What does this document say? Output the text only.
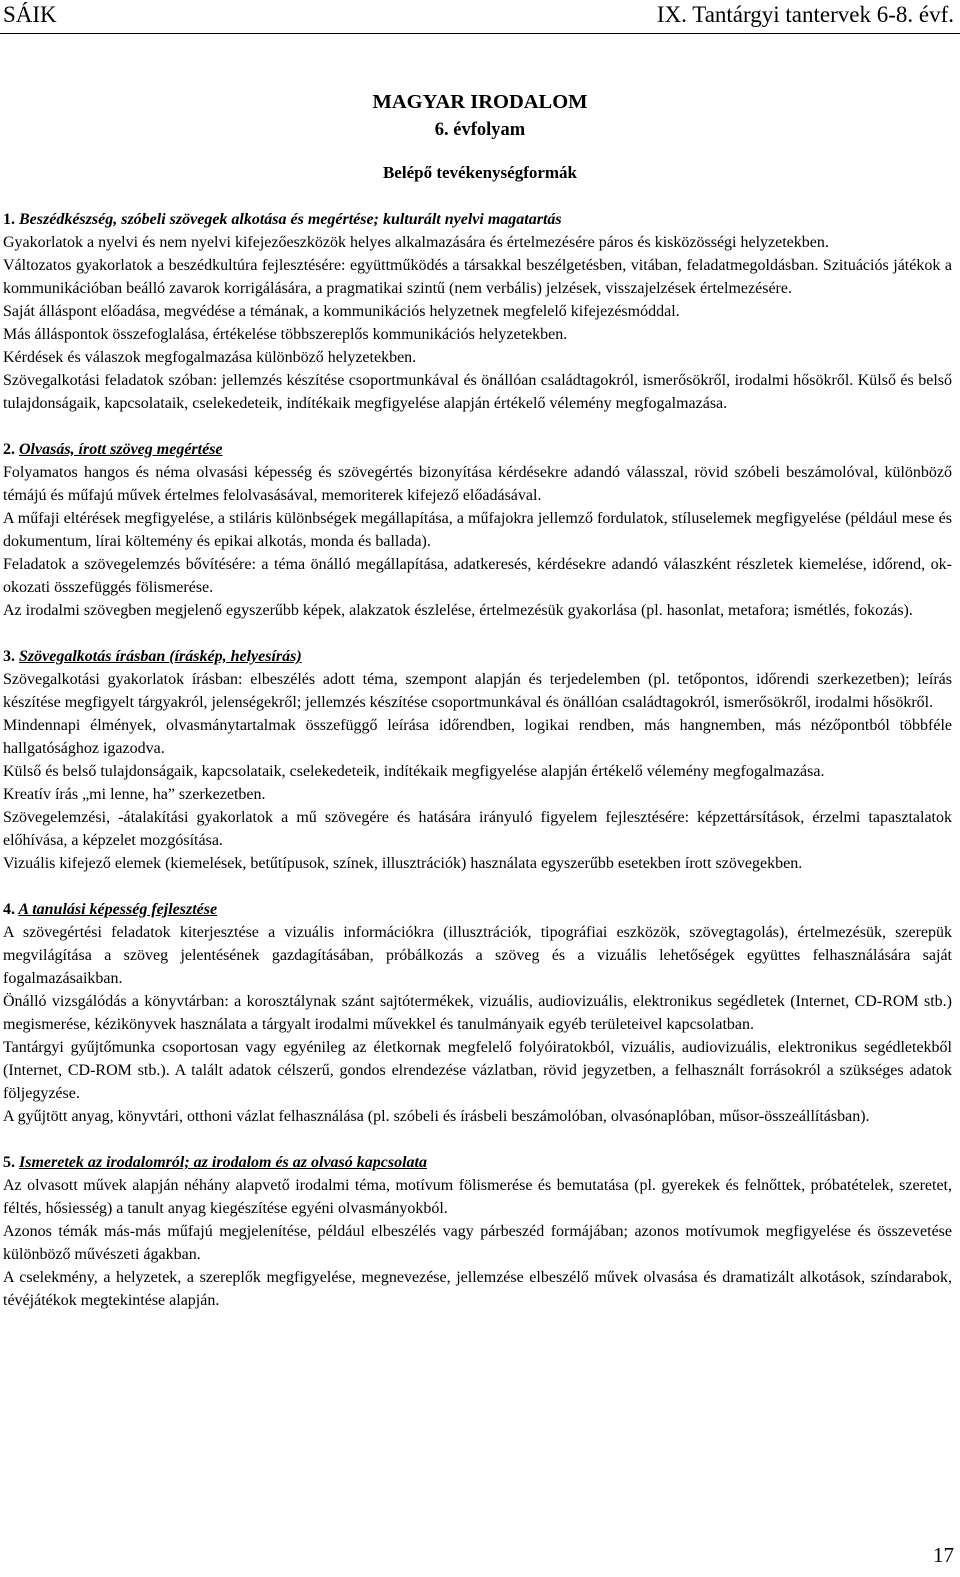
SÁIK	IX. Tantárgyi tantervek 6-8. évf.
MAGYAR IRODALOM
6. évfolyam
Belépő tevékenységformák
1. Beszédkészség, szóbeli szövegek alkotása és megértése; kulturált nyelvi magatartás

Gyakorlatok a nyelvi és nem nyelvi kifejezőeszközök helyes alkalmazására és értelmezésére páros és kisközösségi helyzetekben.

Változatos gyakorlatok a beszédkultúra fejlesztésére: együttműködés a társakkal beszélgetésben, vitában, feladatmegoldásban. Szituációs játékok a kommunikációban beálló zavarok korrigálására, a pragmatikai szintű (nem verbális) jelzések, visszajelzések értelmezésére.

Saját álláspont előadása, megvédése a témának, a kommunikációs helyzetnek megfelelő kifejezésmóddal.

Más álláspontok összefoglalása, értékelése többszereplős kommunikációs helyzetekben.

Kérdések és válaszok megfogalmazása különböző helyzetekben.

Szövegalkotási feladatok szóban: jellemzés készítése csoportmunkával és önállóan családtagokról, ismerősökről, irodalmi hősökről. Külső és belső tulajdonságaik, kapcsolataik, cselekedeteik, indítékaik megfigyelése alapján értékelő vélemény megfogalmazása.

2. Olvasás, írott szöveg megértése

Folyamatos hangos és néma olvasási képesség és szövegértés bizonyítása kérdésekre adandó válasszal, rövid szóbeli beszámolóval, különböző témájú és műfajú művek értelmes felolvasásával, memoriterek kifejező előadásával.

A műfaji eltérések megfigyelése, a stiláris különbségek megállapítása, a műfajokra jellemző fordulatok, stíluselemek megfigyelése (például mese és dokumentum, lírai költemény és epikai alkotás, monda és ballada).

Feladatok a szövegelemzés bővítésére: a téma önálló megállapítása, adatkeresés, kérdésekre adandó válaszként részletek kiemelése, időrend, ok-okozati összefüggés fölismerése.

Az irodalmi szövegben megjelenő egyszerűbb képek, alakzatok észlelése, értelmezésük gyakorlása (pl. hasonlat, metafora; ismétlés, fokozás).

3. Szövegalkotás írásban (íráskép, helyesírás)

Szövegalkotási gyakorlatok írásban: elbeszélés adott téma, szempont alapján és terjedelemben (pl. tetőpontos, időrendi szerkezetben); leírás készítése megfigyelt tárgyakról, jelenségekről; jellemzés készítése csoportmunkával és önállóan családtagokról, ismerősökről, irodalmi hősökről.

Mindennapi élmények, olvasmánytartalmak összefüggő leírása időrendben, logikai rendben, más hangnemben, más nézőpontból többféle hallgatósághoz igazodva.

Külső és belső tulajdonságaik, kapcsolataik, cselekedeteik, indítékaik megfigyelése alapján értékelő vélemény megfogalmazása.

Kreatív írás „mi lenne, ha” szerkezetben.

Szövegelemzési, -átalakítási gyakorlatok a mű szövegére és hatására irányuló figyelem fejlesztésére: képzettársítások, érzelmi tapasztalatok előhívása, a képzelet mozgósítása.

Vizuális kifejező elemek (kiemelések, betűtípusok, színek, illusztrációk) használata egyszerűbb esetekben írott szövegekben.

4. A tanulási képesség fejlesztése

A szövegértési feladatok kiterjesztése a vizuális információkra (illusztrációk, tipográfiai eszközök, szövegtagolás), értelmezésük, szerepük megvilágítása a szöveg jelentésének gazdagításában, próbálkozás a szöveg és a vizuális lehetőségek együttes felhasználására saját fogalmazásaikban.

Önálló vizsgálódás a könyvtárban: a korosztálynak szánt sajtótermékek, vizuális, audiovizuális, elektronikus segédletek (Internet, CD-ROM stb.) megismerése, kézikönyvek használata a tárgyalt irodalmi művekkel és tanulmányaik egyéb területeivel kapcsolatban.

Tantárgyi gyűjtőmunka csoportosan vagy egyénileg az életkornak megfelelő folyóiratokból, vizuális, audiovizuális, elektronikus segédletekből (Internet, CD-ROM stb.). A talált adatok célszerű, gondos elrendezése vázlatban, rövid jegyzetben, a felhasznált forrásokról a szükséges adatok följegyzése.

A gyűjtött anyag, könyvtári, otthoni vázlat felhasználása (pl. szóbeli és írásbeli beszámolóban, olvasónaplóban, műsor-összeállításban).

5. Ismeretek az irodalomról; az irodalom és az olvasó kapcsolata

Az olvasott művek alapján néhány alapvető irodalmi téma, motívum fölismerése és bemutatása (pl. gyerekek és felnőttek, próbatételek, szeretet, féltés, hősiesség) a tanult anyag kiegészítése egyéni olvasmányokból.

Azonos témák más-más műfajú megjelenítése, például elbeszélés vagy párbeszéd formájában; azonos motívumok megfigyelése és összevetése különböző művészeti ágakban.

A cselekmény, a helyzetek, a szereplők megfigyelése, megnevezése, jellemzése elbeszélő művek olvasása és dramatizált alkotások, színdarabok, tévéjátékok megtekintése alapján.

17
